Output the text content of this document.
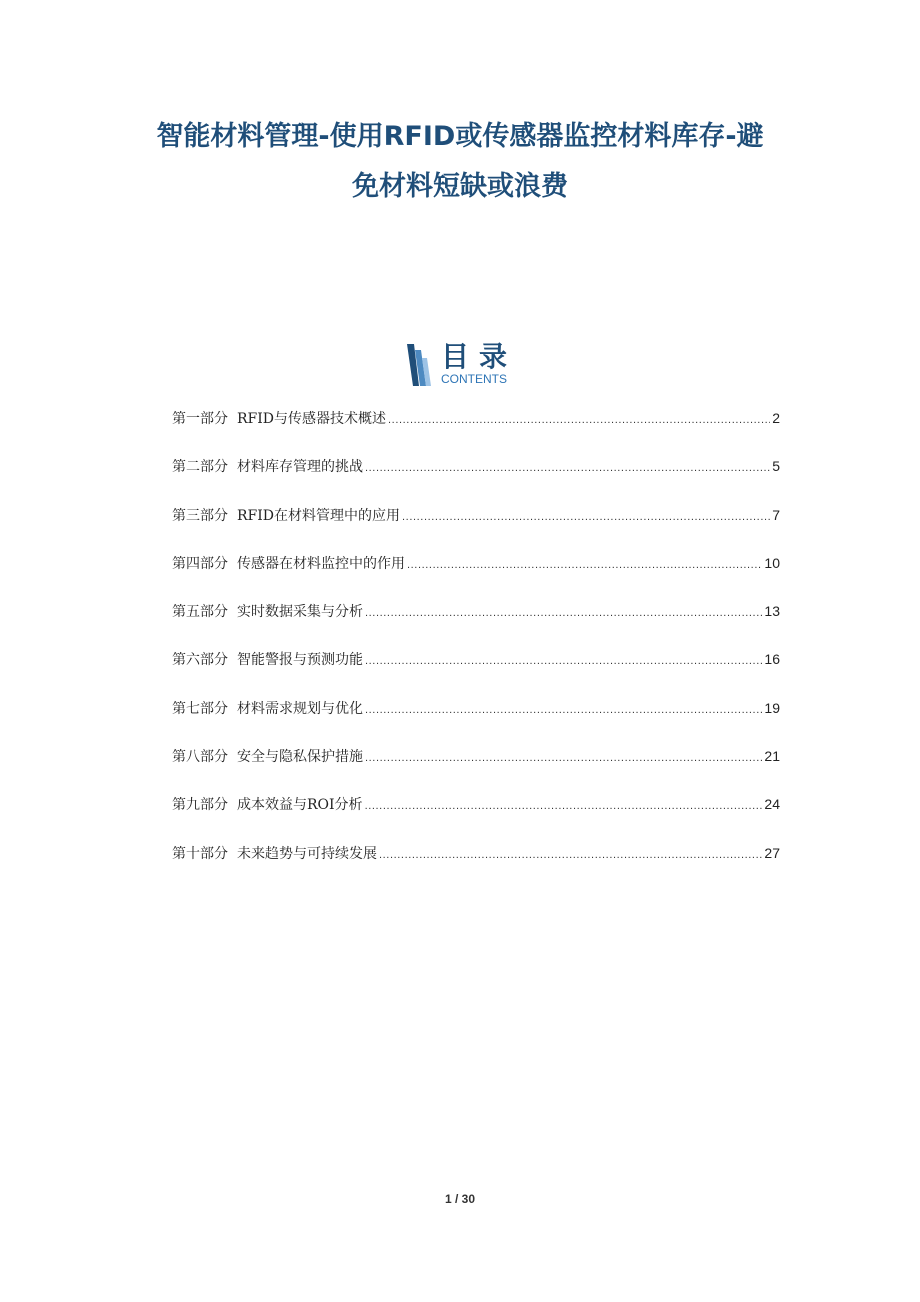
智能材料管理-使用RFID或传感器监控材料库存-避
免材料短缺或浪费
目录
CONTENTS
第一部分 RFID与传感器技术概述 .....	2
第二部分 材料库存管理的挑战 .....	5
第三部分 RFID在材料管理中的应用 .....	7
第四部分 传感器在材料监控中的作用 .....	10
第五部分 实时数据采集与分析 .....	13
第六部分 智能警报与预测功能 .....	16
第七部分 材料需求规划与优化 .....	19
第八部分 安全与隐私保护措施 .....	21
第九部分 成本效益与ROI分析 .....	24
第十部分 未来趋势与可持续发展 .....	27
1 / 30
